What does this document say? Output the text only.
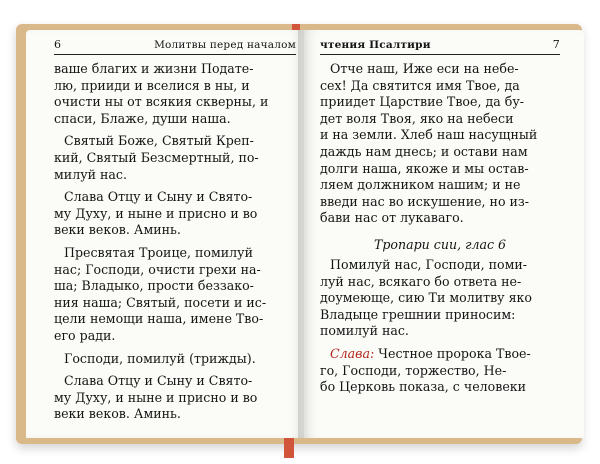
6	Молитвы перед началом
ваше благих и жизни Подате-
лю, прииди и вселися в ны, и
очисти ны от всякия скверны, и
спаси, Блаже, души наша.
Святый Боже, Святый Креп-
кий, Святый Безсмертный, по-
милуй нас.
Слава Отцу и Сыну и Свято-
му Духу, и ныне и присно и во
веки веков. Аминь.
Пресвятая Троице, помилуй
нас; Господи, очисти грехи на-
ша; Владыко, прости беззако-
ния наша; Святый, посети и ис-
цели немощи наша, имене Тво-
его ради.
Господи, помилуй (трижды).
Слава Отцу и Сыну и Свято-
му Духу, и ныне и присно и во
веки веков. Аминь.
чтения Псалтири	7
Отче наш, Иже еси на небе-
сех! Да святится имя Твое, да
приидет Царствие Твое, да бу-
дет воля Твоя, яко на небеси
и на земли. Хлеб наш насущный
даждь нам днесь; и остави нам
долги наша, якоже и мы остав-
ляем должником нашим; и не
введи нас во искушение, но из-
бави нас от лукаваго.
Тропари сии, глас 6
Помилуй нас, Господи, поми-
луй нас, всякаго бо ответа не-
доумеюще, сию Ти молитву яко
Владыце грешнии приносим:
помилуй нас.
Слава: Честное пророка Твое-
го, Господи, торжество, Не-
бо Церковь показа, с человеки
